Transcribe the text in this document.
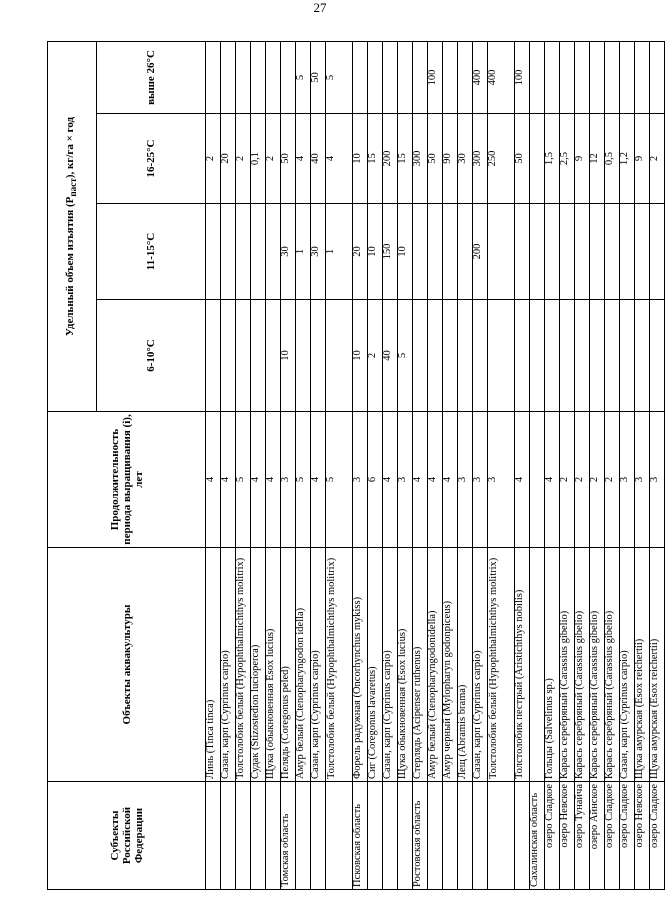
27
Субъекты Российской Федерации	Объекты аквакультуры	Продолжительность периода выращивания (i), лет	Удельный объем изъятия $(P_{паст})$, кг/га × год			
			6-10°C	11-15°C	16-25°C	выше 26°C
	Линь (Tinca tinca)	4			2	
	Сазан, карп (Cyprinus carpio)	4			20	
	Толстолобик белый (Hypophthalmichthys molitrix)	5			2	
	Судак (Stizostedion lucioperca)	4			0,1	
	Щука (обыкновенная Esox lucius)	4			2	
Томская область	Пелядь (Coregonus peled)	3	10	30	50	
	Амур белый (Ctenopharyngodon idella)	5		1	4	5
	Сазан, карп (Cyprinus carpio)	4		30	40	50
	Толстолобик белый (Hypophthalmichthys molitrix)	5		1	4	5
Псковская область	Форель радужная (Oncorhynchus mykiss)	3	10	20	10	
	Сиг (Coregonus lavaretus)	6	2	10	15	
	Сазан, карп (Cyprinus carpio)	4	40	150	200	
	Щука обыкновенная (Esox lucius)	3	5	10	15	
Ростовская область	Стерлядь (Acipenser ruthenus)	4			300	
	Амур белый (Ctenopharyngodonidella)	4			50	100
	Амур черный (Mylopharyn godonpiceus)	4			90	
	Лещ (Abramis brama)	3			30	
	Сазан, карп (Cyprinus carpio)	3		200	300	400
	Толстолобик белый (Hypophthalmichthys molitrix)	3			250	400
	Толстолобик пестрый (Aristichthys nobilis)	4			50	100
Сахалинская область						
озеро Сладкое	Гольцы (Salvelinus sp.)	4			1,5	
озеро Невское	Карась серебряный (Carassius gibelio)	2			2,5	
озеро Тунайча	Карась серебряный (Carassius gibelio)	2			9	
озеро Айнское	Карась серебряный (Carassius gibelio)	2			12	
озеро Сладкое	Карась серебряный (Carassius gibelio)	2			0,5	
озеро Сладкое	Сазан, карп (Cyprinus carpio)	3			1,2	
озеро Невское	Щука амурская (Esox reichertii)	3			9	
озеро Сладкое	Щука амурская (Esox reichertii)	3			2	
